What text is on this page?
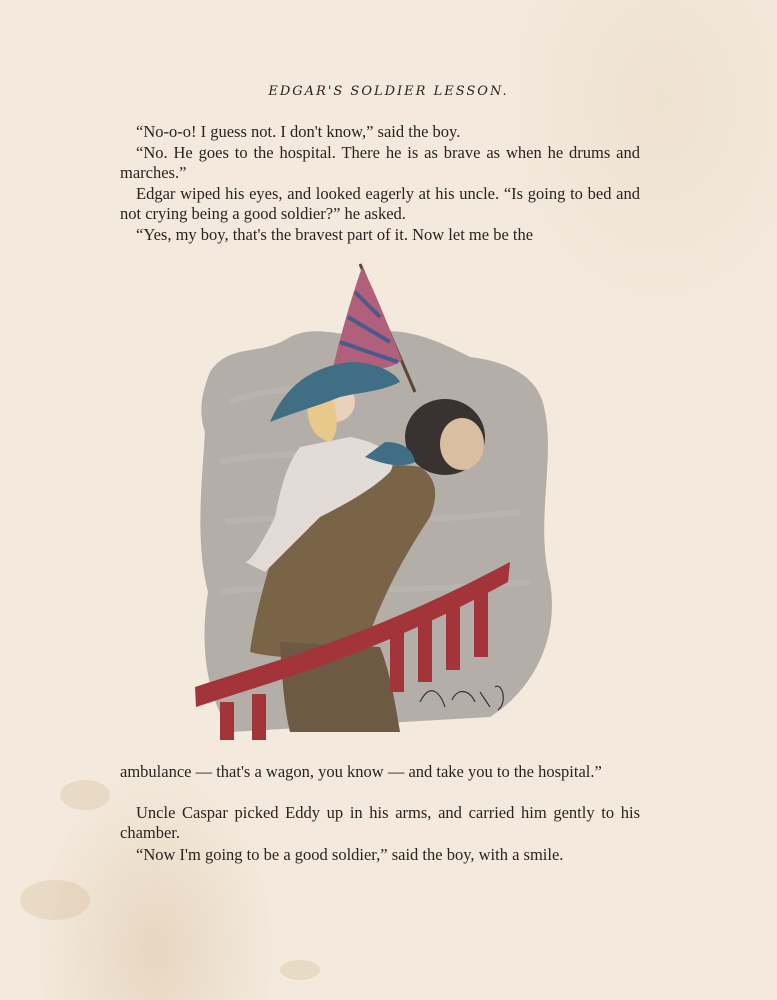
EDGAR'S SOLDIER LESSON.

“No-o-o! I guess not. I don't know,” said the boy.

“No. He goes to the hospital. There he is as brave as when he drums and marches.”

Edgar wiped his eyes, and looked eagerly at his uncle. “Is going to bed and not crying being a good soldier?” he asked.

“Yes, my boy, that's the bravest part of it. Now let me be the

ambulance — that's a wagon, you know — and take you to the hospital.”

Uncle Caspar picked Eddy up in his arms, and carried him gently to his chamber.

“Now I'm going to be a good soldier,” said the boy, with a smile.
